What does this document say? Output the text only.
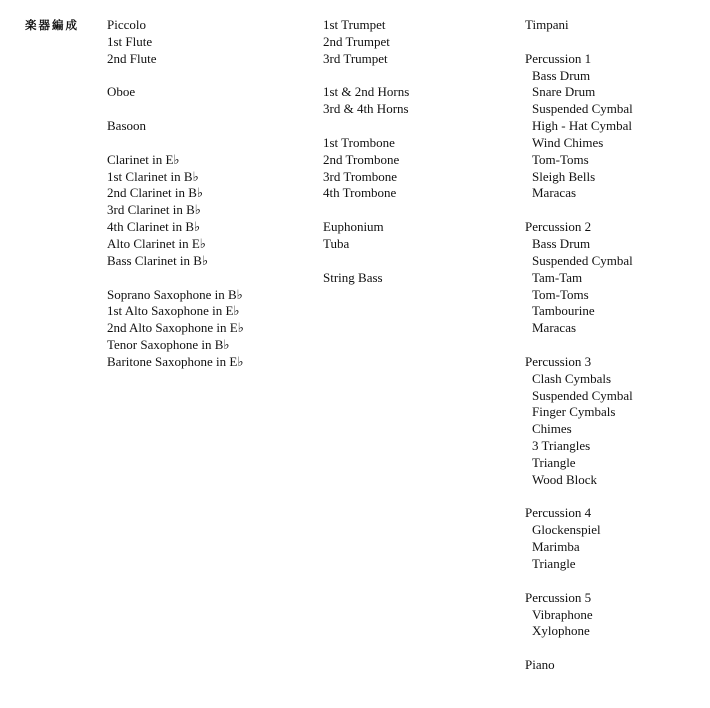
楽器編成 Piccolo
1st Flute
2nd Flute
Oboe
Basoon
Clarinet in E♭
1st Clarinet in B♭
2nd Clarinet in B♭
3rd Clarinet in B♭
4th Clarinet in B♭
Alto Clarinet in E♭
Bass Clarinet in B♭
Soprano Saxophone in B♭
1st Alto Saxophone in E♭
2nd Alto Saxophone in E♭
Tenor Saxophone in B♭
Baritone Saxophone in E♭
1st Trumpet
2nd Trumpet
3rd Trumpet
1st & 2nd Horns
3rd & 4th Horns
1st Trombone
2nd Trombone
3rd Trombone
4th Trombone
Euphonium
Tuba
String Bass
Timpani
Percussion 1
Bass Drum
Snare Drum
Suspended Cymbal
High - Hat Cymbal
Wind Chimes
Tom-Toms
Sleigh Bells
Maracas
Percussion 2
Bass Drum
Suspended Cymbal
Tam-Tam
Tom-Toms
Tambourine
Maracas
Percussion 3
Clash Cymbals
Suspended Cymbal
Finger Cymbals
Chimes
3 Triangles
Triangle
Wood Block
Percussion 4
Glockenspiel
Marimba
Triangle
Percussion 5
Vibraphone
Xylophone
Piano
